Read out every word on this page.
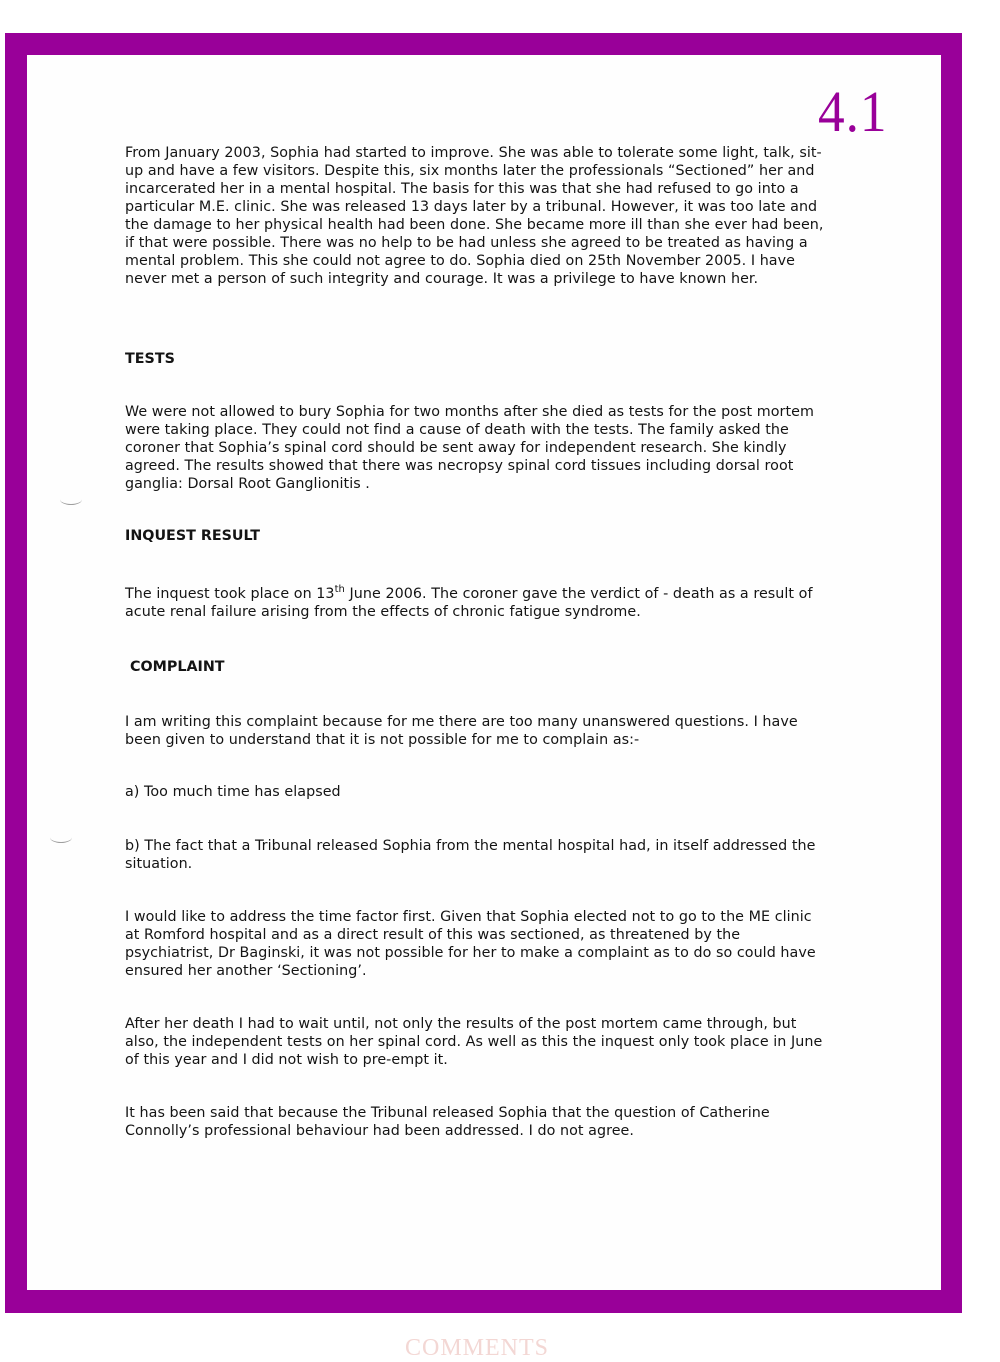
4.1

From January 2003, Sophia had started to improve. She was able to tolerate some light, talk, sit-up and have a few visitors. Despite this, six months later the professionals “Sectioned” her and incarcerated her in a mental hospital. The basis for this was that she had refused to go into a particular M.E. clinic. She was released 13 days later by a tribunal. However, it was too late and the damage to her physical health had been done. She became more ill than she ever had been, if that were possible. There was no help to be had unless she agreed to be treated as having a mental problem. This she could not agree to do. Sophia died on 25th November 2005. I have never met a person of such integrity and courage. It was a privilege to have known her.

TESTS

We were not allowed to bury Sophia for two months after she died as tests for the post mortem were taking place. They could not find a cause of death with the tests. The family asked the coroner that Sophia’s spinal cord should be sent away for independent research. She kindly agreed. The results showed that there was necropsy spinal cord tissues including dorsal root ganglia: Dorsal Root Ganglionitis .

INQUEST RESULT

The inquest took place on 13th June 2006. The coroner gave the verdict of - death as a result of acute renal failure arising from the effects of chronic fatigue syndrome.

COMPLAINT

I am writing this complaint because for me there are too many unanswered questions. I have been given to understand that it is not possible for me to complain as:-

a) Too much time has elapsed

b) The fact that a Tribunal released Sophia from the mental hospital had, in itself addressed the situation.

I would like to address the time factor first. Given that Sophia elected not to go to the ME clinic at Romford hospital and as a direct result of this was sectioned, as threatened by the psychiatrist, Dr Baginski, it was not possible for her to make a complaint as to do so could have ensured her another ‘Sectioning’.

After her death I had to wait until, not only the results of the post mortem came through, but also, the independent tests on her spinal cord. As well as this the inquest only took place in June of this year and I did not wish to pre-empt it.

It has been said that because the Tribunal released Sophia that the question of Catherine Connolly’s professional behaviour had been addressed. I do not agree.

COMMENTS
